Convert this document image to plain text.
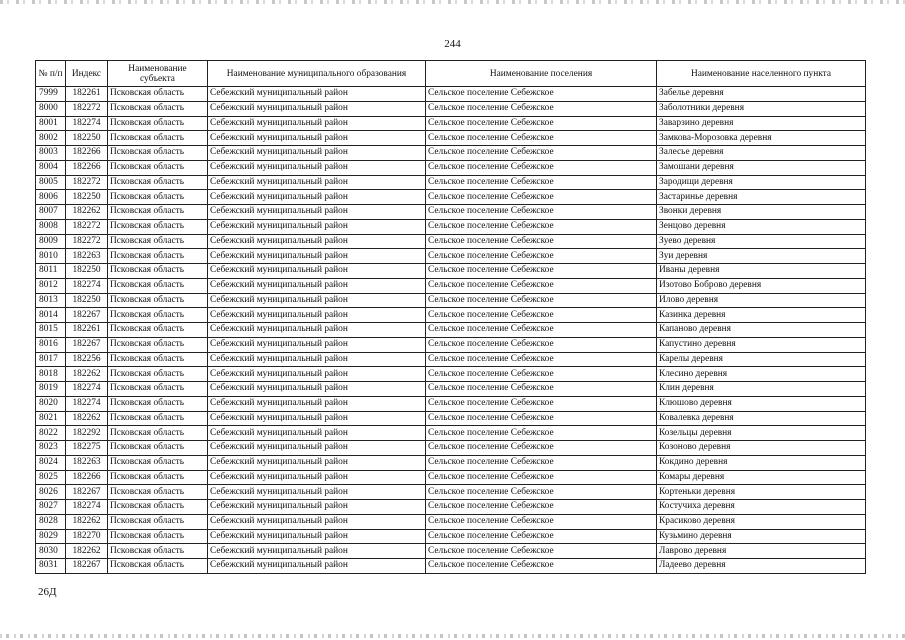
244
№ п/п	Индекс	Наименование субъекта	Наименование муниципального образования	Наименование поселения	Наименование населенного пункта
7999	182261	Псковская область	Себежский муниципальный район	Сельское поселение Себежское	Забелье деревня
8000	182272	Псковская область	Себежский муниципальный район	Сельское поселение Себежское	Заболотники деревня
8001	182274	Псковская область	Себежский муниципальный район	Сельское поселение Себежское	Заварзино деревня
8002	182250	Псковская область	Себежский муниципальный район	Сельское поселение Себежское	Замкова-Морозовка деревня
8003	182266	Псковская область	Себежский муниципальный район	Сельское поселение Себежское	Залесье деревня
8004	182266	Псковская область	Себежский муниципальный район	Сельское поселение Себежское	Замошани деревня
8005	182272	Псковская область	Себежский муниципальный район	Сельское поселение Себежское	Зародищи деревня
8006	182250	Псковская область	Себежский муниципальный район	Сельское поселение Себежское	Застаринье деревня
8007	182262	Псковская область	Себежский муниципальный район	Сельское поселение Себежское	Звонки деревня
8008	182272	Псковская область	Себежский муниципальный район	Сельское поселение Себежское	Зенцово деревня
8009	182272	Псковская область	Себежский муниципальный район	Сельское поселение Себежское	Зуево деревня
8010	182263	Псковская область	Себежский муниципальный район	Сельское поселение Себежское	Зуи деревня
8011	182250	Псковская область	Себежский муниципальный район	Сельское поселение Себежское	Иваны деревня
8012	182274	Псковская область	Себежский муниципальный район	Сельское поселение Себежское	Изотово Боброво деревня
8013	182250	Псковская область	Себежский муниципальный район	Сельское поселение Себежское	Илово деревня
8014	182267	Псковская область	Себежский муниципальный район	Сельское поселение Себежское	Казинка деревня
8015	182261	Псковская область	Себежский муниципальный район	Сельское поселение Себежское	Капаново деревня
8016	182267	Псковская область	Себежский муниципальный район	Сельское поселение Себежское	Капустино деревня
8017	182256	Псковская область	Себежский муниципальный район	Сельское поселение Себежское	Карелы деревня
8018	182262	Псковская область	Себежский муниципальный район	Сельское поселение Себежское	Клесино деревня
8019	182274	Псковская область	Себежский муниципальный район	Сельское поселение Себежское	Клин деревня
8020	182274	Псковская область	Себежский муниципальный район	Сельское поселение Себежское	Клюшово деревня
8021	182262	Псковская область	Себежский муниципальный район	Сельское поселение Себежское	Ковалевка деревня
8022	182292	Псковская область	Себежский муниципальный район	Сельское поселение Себежское	Козельцы деревня
8023	182275	Псковская область	Себежский муниципальный район	Сельское поселение Себежское	Козоново деревня
8024	182263	Псковская область	Себежский муниципальный район	Сельское поселение Себежское	Кокдино деревня
8025	182266	Псковская область	Себежский муниципальный район	Сельское поселение Себежское	Комары деревня
8026	182267	Псковская область	Себежский муниципальный район	Сельское поселение Себежское	Кортеньки деревня
8027	182274	Псковская область	Себежский муниципальный район	Сельское поселение Себежское	Костучиха деревня
8028	182262	Псковская область	Себежский муниципальный район	Сельское поселение Себежское	Красиково деревня
8029	182270	Псковская область	Себежский муниципальный район	Сельское поселение Себежское	Кузьмино деревня
8030	182262	Псковская область	Себежский муниципальный район	Сельское поселение Себежское	Лаврово деревня
8031	182267	Псковская область	Себежский муниципальный район	Сельское поселение Себежское	Ладеево деревня
26Д
